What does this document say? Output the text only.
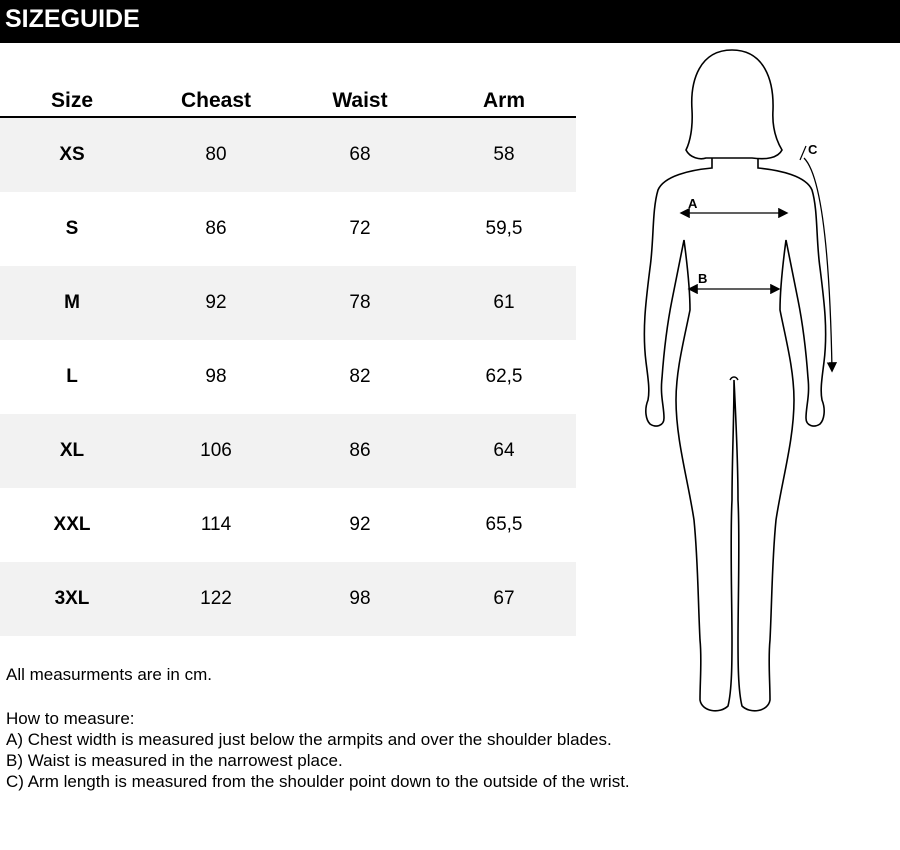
SIZEGUIDE
Size	Cheast	Waist	Arm
XS	80	68	58
S	86	72	59,5
M	92	78	61
L	98	82	62,5
XL	106	86	64
XXL	114	92	65,5
3XL	122	98	67
All measurments are in cm.
How to measure:
A) Chest width is measured just below the armpits and over the shoulder blades.
B) Waist is measured in the narrowest place.
C) Arm length is measured from the shoulder point down to the outside of the wrist.
A
B
C
